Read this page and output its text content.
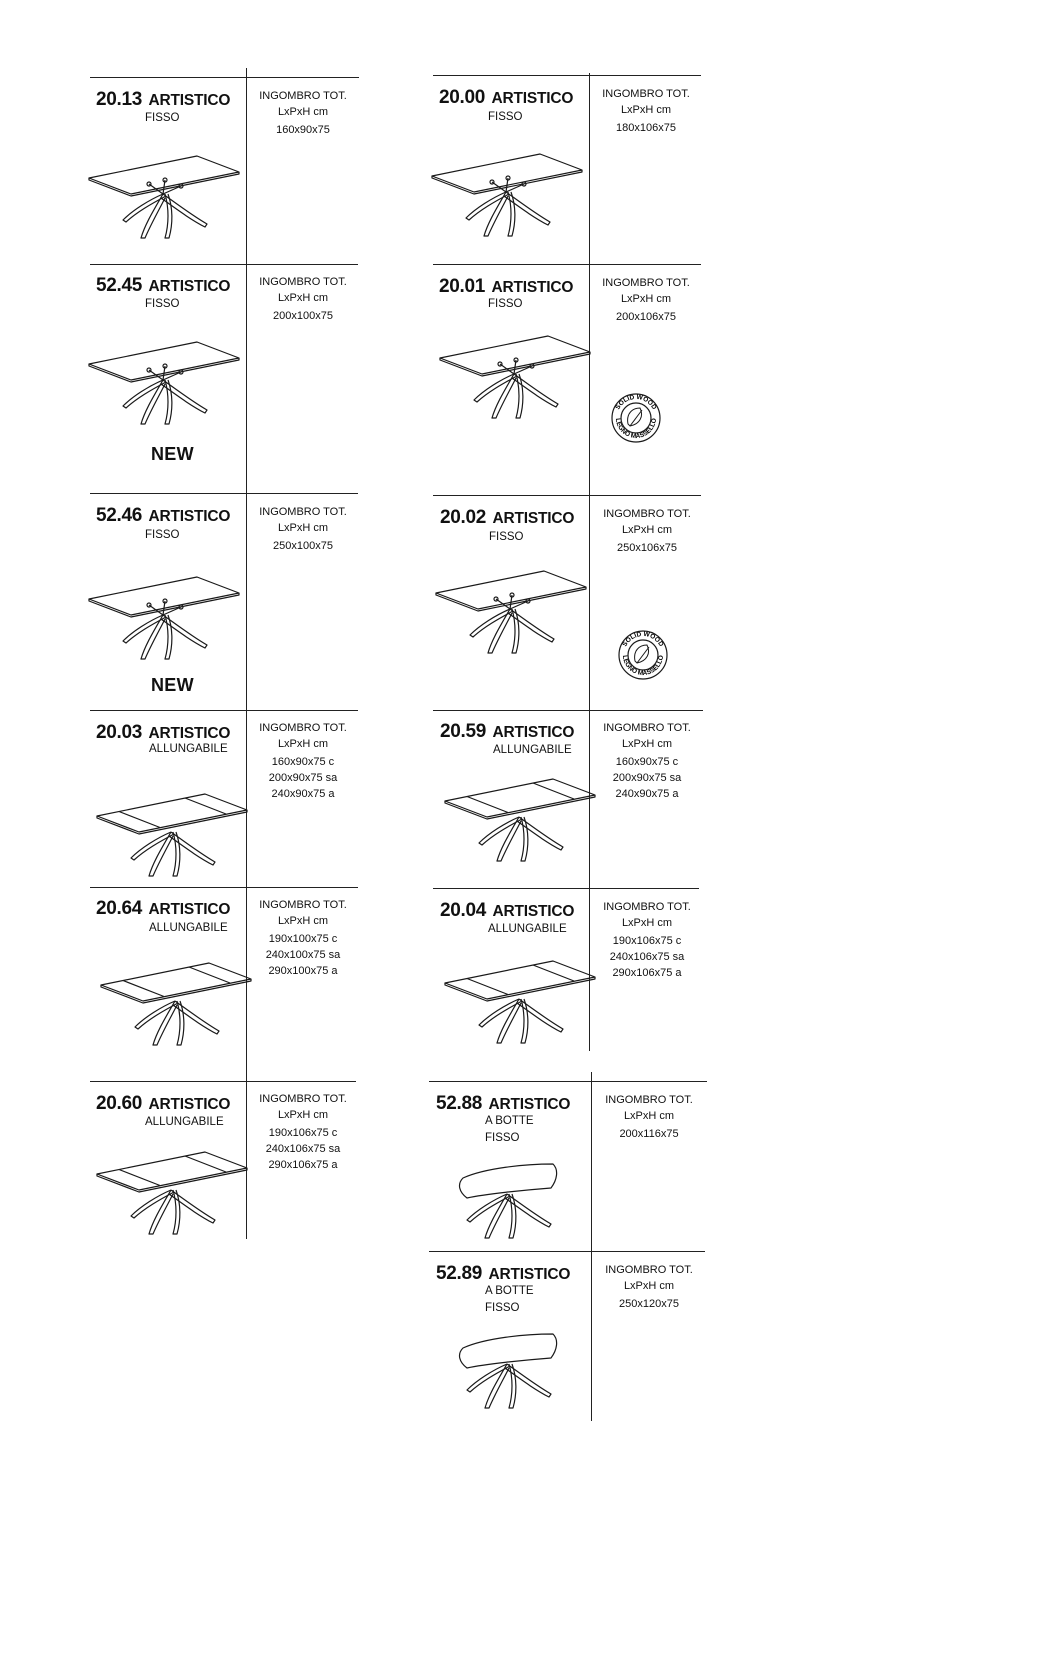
20.13 ARTISTICO
FISSO
INGOMBRO TOT.
LxPxH cm
160x90x75
20.00 ARTISTICO
FISSO
INGOMBRO TOT.
LxPxH cm
180x106x75
52.45 ARTISTICO
FISSO
INGOMBRO TOT.
LxPxH cm
200x100x75
NEW
20.01 ARTISTICO
FISSO
INGOMBRO TOT.
LxPxH cm
200x106x75
SOLID WOOD
LEGNO MASSELLO
52.46 ARTISTICO
FISSO
INGOMBRO TOT.
LxPxH cm
250x100x75
NEW
20.02 ARTISTICO
FISSO
INGOMBRO TOT.
LxPxH cm
250x106x75
SOLID WOOD
LEGNO MASSELLO
20.03 ARTISTICO
ALLUNGABILE
INGOMBRO TOT.
LxPxH cm
160x90x75 c
200x90x75 sa
240x90x75 a
20.59 ARTISTICO
ALLUNGABILE
INGOMBRO TOT.
LxPxH cm
160x90x75 c
200x90x75 sa
240x90x75 a
20.64 ARTISTICO
ALLUNGABILE
INGOMBRO TOT.
LxPxH cm
190x100x75 c
240x100x75 sa
290x100x75 a
20.04 ARTISTICO
ALLUNGABILE
INGOMBRO TOT.
LxPxH cm
190x106x75 c
240x106x75 sa
290x106x75 a
20.60 ARTISTICO
ALLUNGABILE
INGOMBRO TOT.
LxPxH cm
190x106x75 c
240x106x75 sa
290x106x75 a
52.88 ARTISTICO
A BOTTE
FISSO
INGOMBRO TOT.
LxPxH cm
200x116x75
52.89 ARTISTICO
A BOTTE
FISSO
INGOMBRO TOT.
LxPxH cm
250x120x75
